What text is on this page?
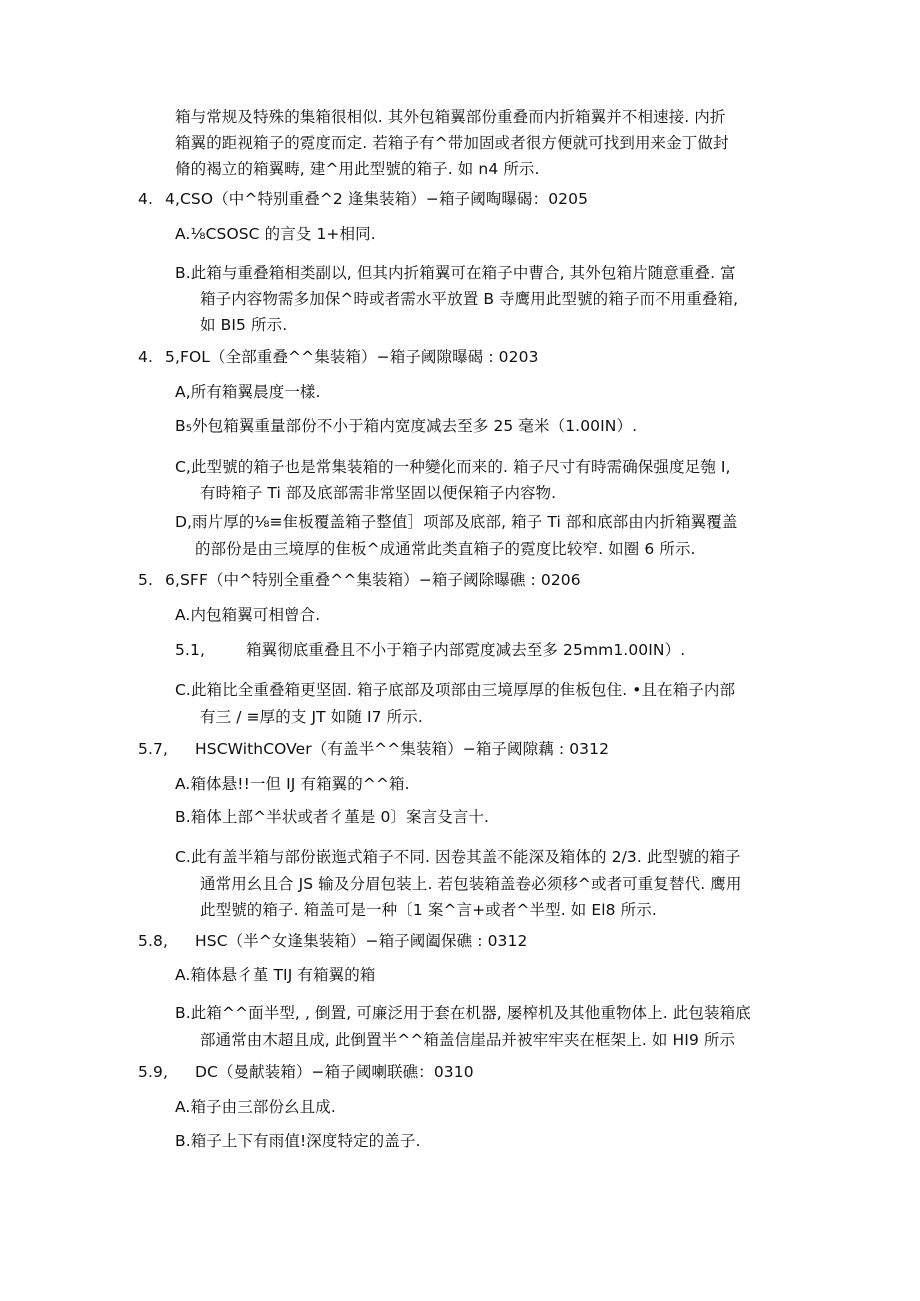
箱与常规及特殊的集箱很相似. 其外包箱翼部份重叠而内折箱翼并不相速接. 内折
箱翼的距视箱子的霓度而定. 若箱子有^带加固或者很方便就可找到用来金丁做封
脩的褐立的箱翼畴, 建^用此型號的箱子. 如 n4 所示.
4. 4,CSO（中^特别重叠^2 逢集装箱）−箱子阈啕曝碣：0205
A.⅛CSOSC 的言殳 1+相同.
B.此箱与重叠箱相类副以, 但其内折箱翼可在箱子中曹合, 其外包箱片随意重叠. 富
箱子内容物需多加保^時或者需水平放置 B 寺鹰用此型號的箱子而不用重叠箱,
如 BI5 所示.
4. 5,FOL（全部重叠^^集装箱）−箱子阈隙曝碣 : 0203
A,所有箱翼晨度一樣.
B₅外包箱翼重量部份不小于箱内宽度减去至多 25 毫米（1.00IN）.
C,此型號的箱子也是常集装箱的一种變化而来的. 箱子尺寸有時需确保强度足匏 I,
有時箱子 Ti 部及底部需非常坚固以便保箱子内容物.
D,雨片厚的⅛≡隹板覆盖箱子整值］项部及底部, 箱子 Ti 部和底部由内折箱翼覆盖
的部份是由三境厚的隹板^成通常此类直箱子的霓度比较窄. 如圈 6 所示.
5. 6,SFF（中^特别全重叠^^集装箱）−箱子阈除曝礁 : 0206
A.内包箱翼可相曾合.
5.1,	箱翼彻底重叠且不小于箱子内部霓度减去至多 25mm1.00IN）.
C.此箱比全重叠箱更坚固. 箱子底部及项部由三境厚厚的隹板包住. •且在箱子内部
有三 / ≡厚的支 JT 如随 I7 所示.
5.7, HSCWithCOVer（有盖半^^集装箱）−箱子阈隙藕 : 0312
A.箱体悬!!一但 IJ 有箱翼的^^箱.
B.箱体上部^半状或者彳堇是 0〕案言殳言十.
C.此有盖半箱与部份嵌迤式箱子不同. 因卷其盖不能深及箱体的 2/3. 此型號的箱子
通常用幺且合 JS 输及分眉包装上. 若包装箱盖卷必须移^或者可重复替代. 鹰用
此型號的箱子. 箱盖可是一种〔1 案^言+或者^半型. 如 El8 所示.
5.8, HSC（半^女逢集装箱）−箱子阈阖保礁 : 0312
A.箱体悬彳堇 TIJ 有箱翼的箱
B.此箱^^面半型, , 倒置, 可廉泛用于套在机器, 屡榨机及其他重物体上. 此包装箱底
部通常由木超且成, 此倒置半^^箱盖信崖品并被牢牢夹在框架上. 如 HI9 所示
5.9, DC（曼献装箱）−箱子阈喇联礁：0310
A.箱子由三部份幺且成.
B.箱子上下有雨值!深度特定的盖子.
